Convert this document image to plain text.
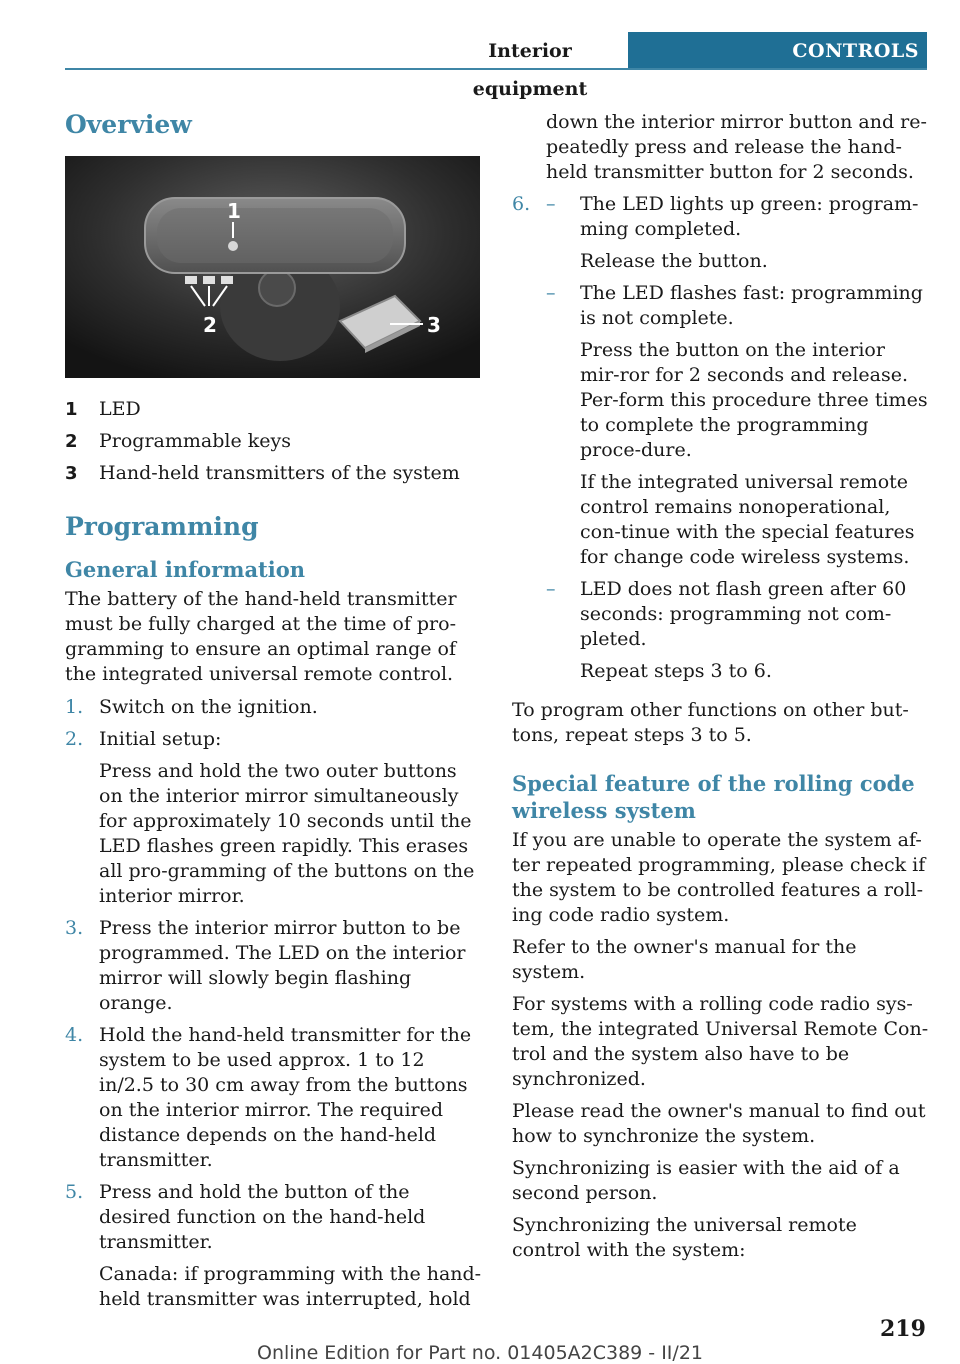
Interior equipment
CONTROLS
Overview
1
2	3
1	LED
2	Programmable keys
3	Hand-held transmitters of the system
Programming
General information

The battery of the hand-held transmitter must be fully charged at the time of pro-gramming to ensure an optimal range of the integrated universal remote control.

1. Switch on the ignition.

2. Initial setup:

Press and hold the two outer buttons on the interior mirror simultaneously for approximately 10 seconds until the LED flashes green rapidly. This erases all pro-gramming of the buttons on the interior mirror.

3. Press the interior mirror button to be programmed. The LED on the interior mirror will slowly begin flashing orange.

4. Hold the hand-held transmitter for the system to be used approx. 1 to 12 in/2.5 to 30 cm away from the buttons on the interior mirror. The required distance depends on the hand-held transmitter.

5. Press and hold the button of the desired function on the hand-held transmitter.

Canada: if programming with the hand-held transmitter was interrupted, hold

down the interior mirror button and re-peatedly press and release the hand-held transmitter button for 2 seconds.

6. –	The LED lights up green: program-ming completed.

Release the button.

–	The LED flashes fast: programming is not complete.

Press the button on the interior mir-ror for 2 seconds and release. Per-form this procedure three times to complete the programming proce-dure.

If the integrated universal remote control remains nonoperational, con-tinue with the special features for change code wireless systems.

–	LED does not flash green after 60 seconds: programming not com-pleted.

Repeat steps 3 to 6.

To program other functions on other but-tons, repeat steps 3 to 5.

Special feature of the rolling code wireless system

If you are unable to operate the system af-ter repeated programming, please check if the system to be controlled features a roll-ing code radio system.

Refer to the owner's manual for the system.

For systems with a rolling code radio sys-tem, the integrated Universal Remote Con-trol and the system also have to be synchronized.

Please read the owner's manual to find out how to synchronize the system.

Synchronizing is easier with the aid of a second person.

Synchronizing the universal remote control with the system:

219
Online Edition for Part no. 01405A2C389 - II/21
